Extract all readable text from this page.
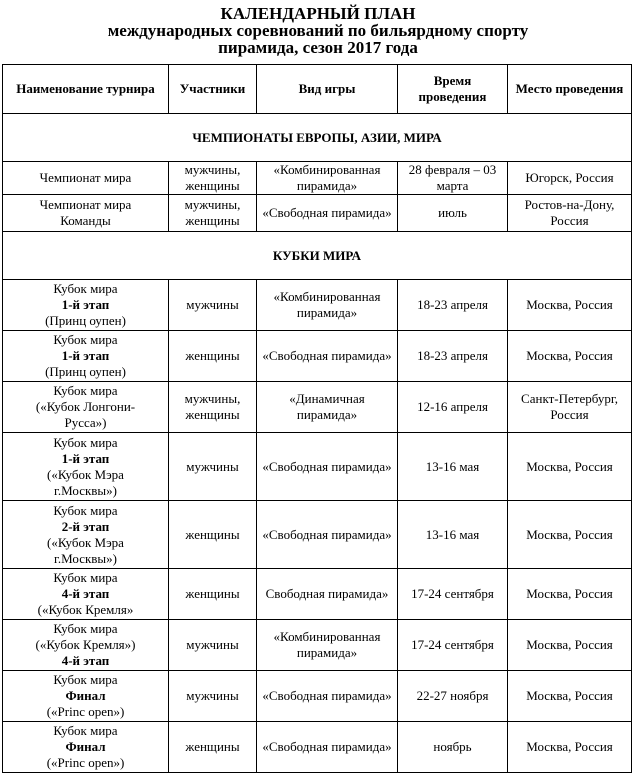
КАЛЕНДАРНЫЙ ПЛАН
международных соревнований по бильярдному спорту
пирамида, сезон 2017 года
Наименование турнира	Участники	Вид игры	Время проведения	Место проведения
ЧЕМПИОНАТЫ ЕВРОПЫ, АЗИИ, МИРА				

Чемпионат мира	мужчины, женщины	«Комбинированная пирамида»	28 февраля – 03 марта	Югорск, Россия

Чемпионат мира
Команды	мужчины, женщины	«Свободная пирамида»	июль	Ростов-на-Дону, Россия
КУБКИ МИРА				

Кубок мира
1-й этап
(Принц оупен)	мужчины	«Комбинированная пирамида»	18-23 апреля	Москва, Россия

Кубок мира
1-й этап
(Принц оупен)	женщины	«Свободная пирамида»	18-23 апреля	Москва, Россия

Кубок мира
(«Кубок Лонгони-
Русса»)	мужчины, женщины	«Динамичная пирамида»	12-16 апреля	Санкт-Петербург, Россия

Кубок мира
1-й этап
(«Кубок Мэра
г.Москвы»)	мужчины	«Свободная пирамида»	13-16 мая	Москва, Россия

Кубок мира
2-й этап
(«Кубок Мэра
г.Москвы»)	женщины	«Свободная пирамида»	13-16 мая	Москва, Россия

Кубок мира
4-й этап
(«Кубок Кремля»	женщины	Свободная пирамида»	17-24 сентября	Москва, Россия

Кубок мира
(«Кубок Кремля»)
4-й этап	мужчины	«Комбинированная пирамида»	17-24 сентября	Москва, Россия

Кубок мира
Финал
(«Princ open»)	мужчины	«Свободная пирамида»	22-27 ноября	Москва, Россия

Кубок мира
Финал
(«Princ open»)	женщины	«Свободная пирамида»	ноябрь	Москва, Россия
